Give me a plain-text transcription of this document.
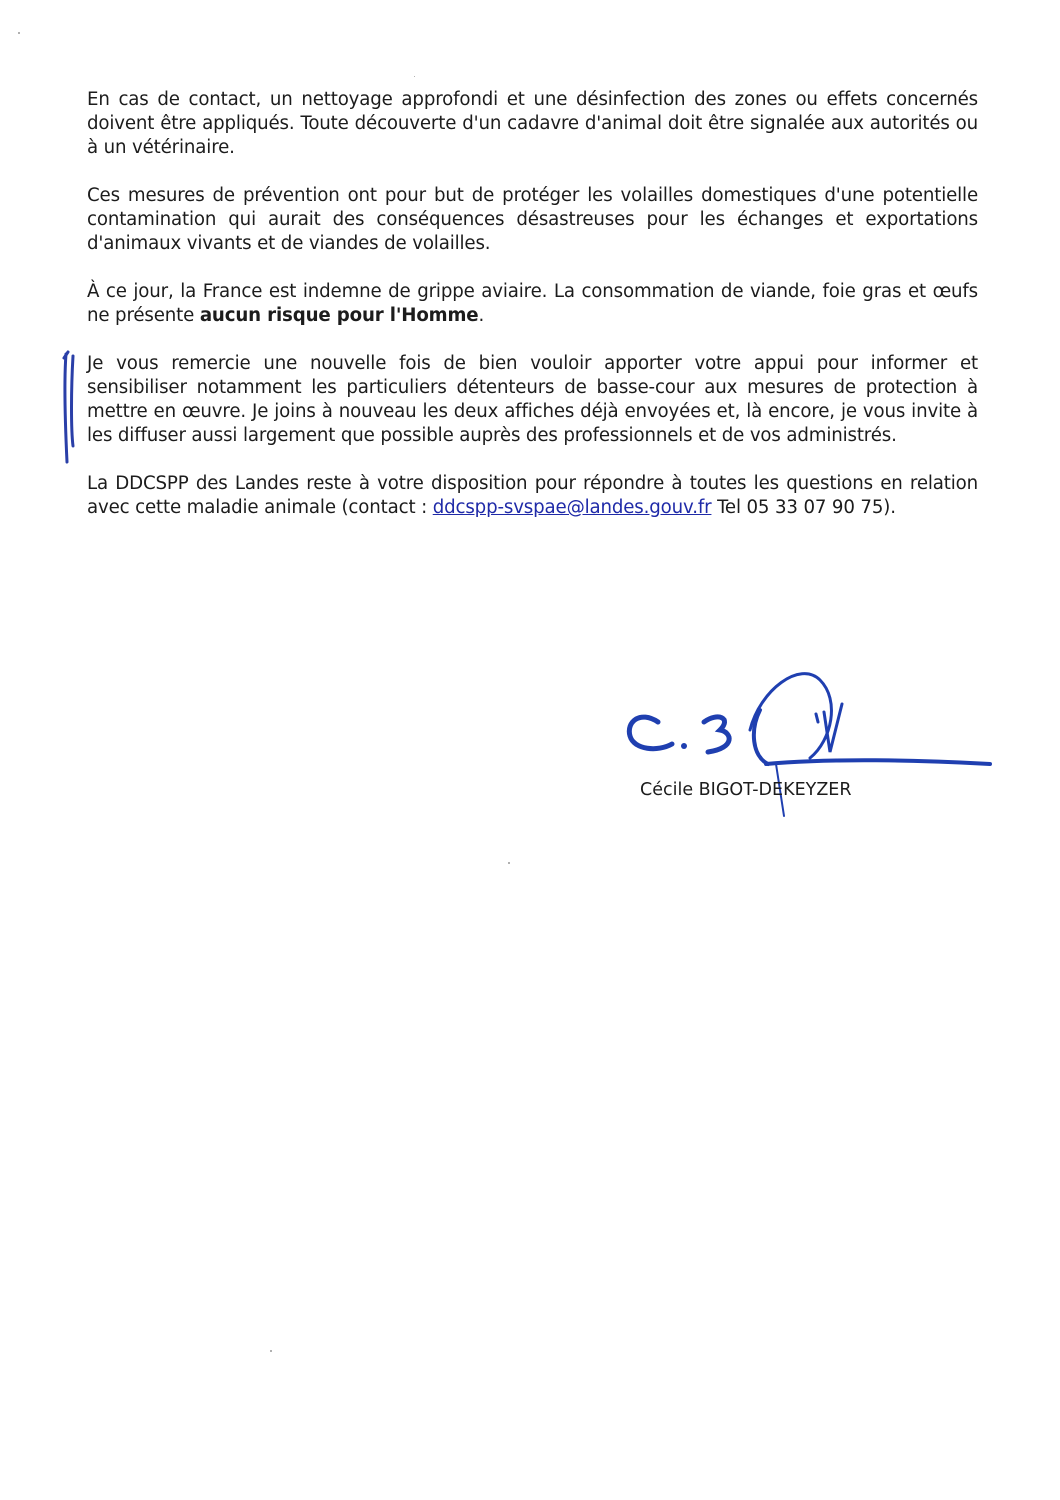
En cas de contact, un nettoyage approfondi et une désinfection des zones ou effets concernés doivent être appliqués. Toute découverte d'un cadavre d'animal doit être signalée aux autorités ou à un vétérinaire.

Ces mesures de prévention ont pour but de protéger les volailles domestiques d'une potentielle contamination qui aurait des conséquences désastreuses pour les échanges et exportations d'animaux vivants et de viandes de volailles.

À ce jour, la France est indemne de grippe aviaire. La consommation de viande, foie gras et œufs ne présente aucun risque pour l'Homme.

Je vous remercie une nouvelle fois de bien vouloir apporter votre appui pour informer et sensibiliser notamment les particuliers détenteurs de basse-cour aux mesures de protection à mettre en œuvre. Je joins à nouveau les deux affiches déjà envoyées et, là encore, je vous invite à les diffuser aussi largement que possible auprès des professionnels et de vos administrés.

La DDCSPP des Landes reste à votre disposition pour répondre à toutes les questions en relation avec cette maladie animale (contact : ddcspp-svspae@landes.gouv.fr Tel 05 33 07 90 75).

Cécile BIGOT-DEKEYZER
